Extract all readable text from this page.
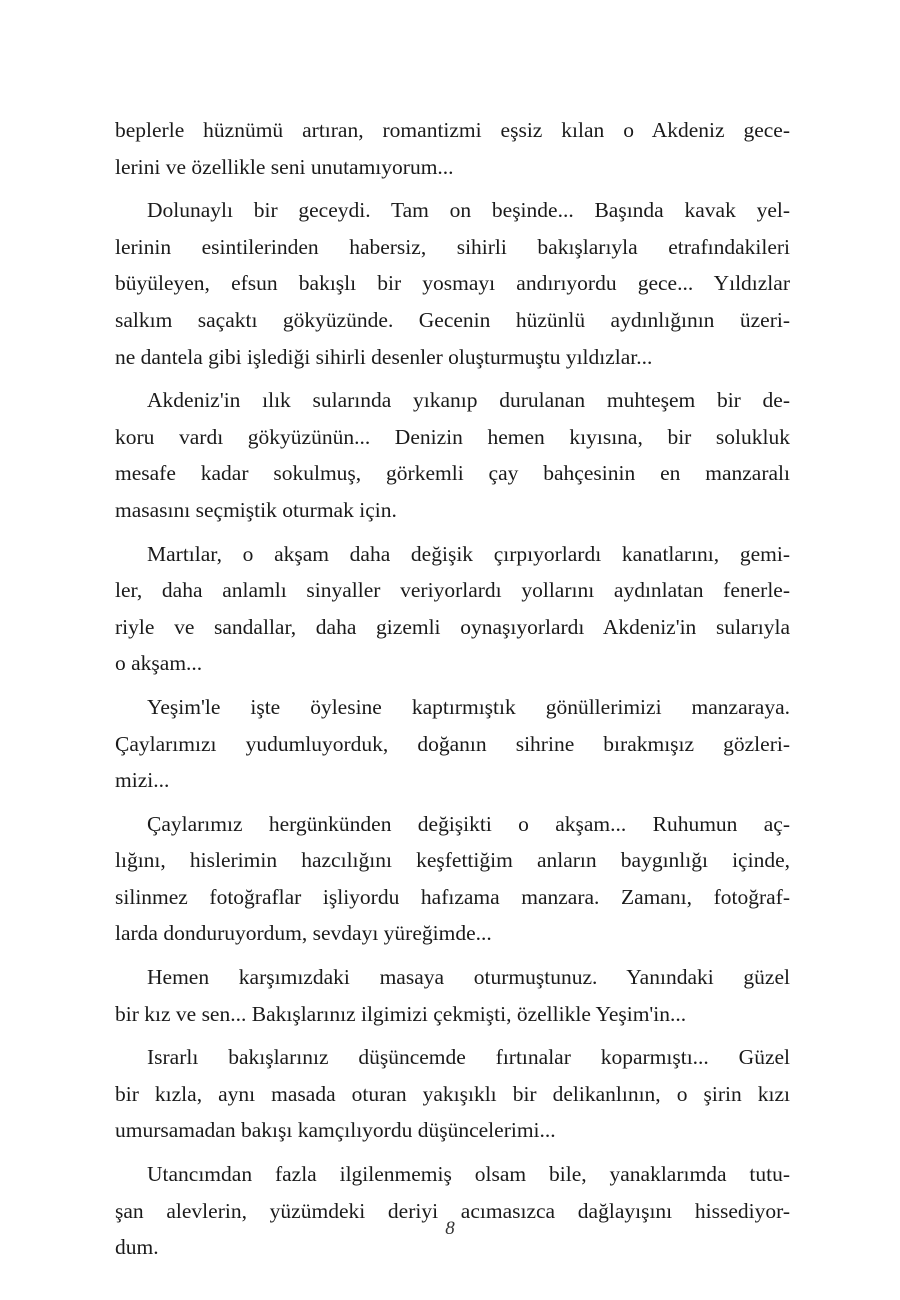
beplerle hüznümü artıran, romantizmi eşsiz kılan o Akdeniz gece-
lerini ve özellikle seni unutamıyorum...
Dolunaylı bir geceydi. Tam on beşinde... Başında kavak yel-
lerinin esintilerinden habersiz, sihirli bakışlarıyla etrafındakileri
büyüleyen, efsun bakışlı bir yosmayı andırıyordu gece... Yıldızlar
salkım saçaktı gökyüzünde. Gecenin hüzünlü aydınlığının üzeri-
ne dantela gibi işlediği sihirli desenler oluşturmuştu yıldızlar...
Akdeniz'in ılık sularında yıkanıp durulanan muhteşem bir de-
koru vardı gökyüzünün... Denizin hemen kıyısına, bir solukluk
mesafe kadar sokulmuş, görkemli çay bahçesinin en manzaralı
masasını seçmiştik oturmak için.
Martılar, o akşam daha değişik çırpıyorlardı kanatlarını, gemi-
ler, daha anlamlı sinyaller veriyorlardı yollarını aydınlatan fenerle-
riyle ve sandallar, daha gizemli oynaşıyorlardı Akdeniz'in sularıyla
o akşam...
Yeşim'le işte öylesine kaptırmıştık gönüllerimizi manzaraya.
Çaylarımızı yudumluyorduk, doğanın sihrine bırakmışız gözleri-
mizi...
Çaylarımız hergünkünden değişikti o akşam... Ruhumun aç-
lığını, hislerimin hazcılığını keşfettiğim anların baygınlığı içinde,
silinmez fotoğraflar işliyordu hafızama manzara. Zamanı, fotoğraf-
larda donduruyordum, sevdayı yüreğimde...
Hemen karşımızdaki masaya oturmuştunuz. Yanındaki güzel
bir kız ve sen... Bakışlarınız ilgimizi çekmişti, özellikle Yeşim'in...
Israrlı bakışlarınız düşüncemde fırtınalar koparmıştı... Güzel
bir kızla, aynı masada oturan yakışıklı bir delikanlının, o şirin kızı
umursamadan bakışı kamçılıyordu düşüncelerimi...
Utancımdan fazla ilgilenmemiş olsam bile, yanaklarımda tutu-
şan alevlerin, yüzümdeki deriyi acımasızca dağlayışını hissediyor-
dum.
8
